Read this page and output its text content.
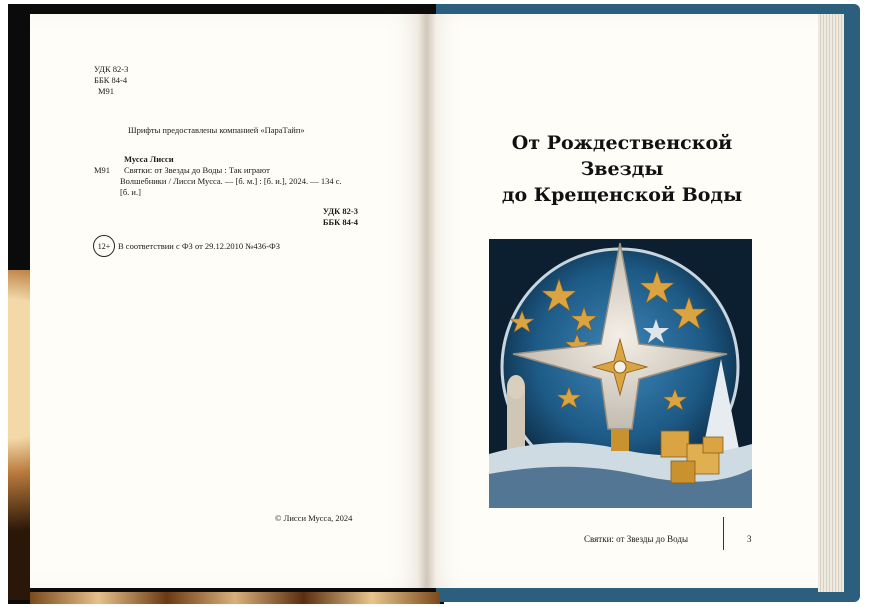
УДК 82-3
ББК 84-4
М91
Шрифты предоставлены компанией «ПараТайп»
Мусса Лисси
М91 Святки: от Звезды до Воды : Так играют
Волшебники / Лисси Мусса. — [б. м.] : [б. и.], 2024. — 134 с.
[б. и.]
УДК 82-3
ББК 84-4
12+ В соответствии с ФЗ от 29.12.2010 №436-ФЗ
© Лисси Мусса, 2024
От Рождественской
Звезды
до Крещенской Воды
Святки: от Звезды до Воды	3
